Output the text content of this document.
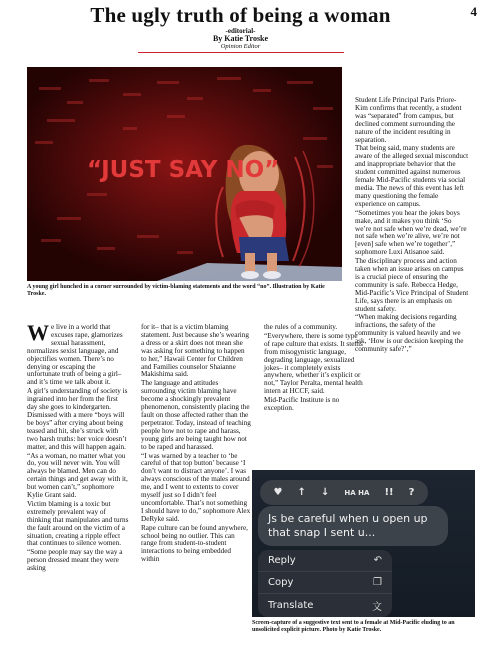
4
The ugly truth of being a woman
-editorial-
By Katie Troske
Opinion Editor
“JUST SAY NO”
A young girl hunched in a corner surrounded by victim-blaming statements and the word “no”. Illustration by Katie Troske.

We live in a world that excuses rape, glamorizes sexual harassment, normalizes sexist language, and objectifies women. There’s no denying or escaping the unfortunate truth of being a girl– and it’s time we talk about it.

A girl’s understanding of society is ingrained into her from the first day she goes to kindergarten. Dismissed with a mere “boys will be boys” after crying about being teased and hit, she’s struck with two harsh truths: her voice doesn’t matter, and this will happen again.

“As a woman, no matter what you do, you will never win. You will always be blamed. Men can do certain things and get away with it, but women can’t,” sophomore Kylie Grant said.

Victim blaming is a toxic but extremely prevalent way of thinking that manipulates and turns the fault around on the victim of a situation, creating a ripple effect that continues to silence women.

“Some people may say the way a person dressed meant they were asking

for it– that is a victim blaming statement. Just because she’s wearing a dress or a skirt does not mean she was asking for something to happen to her,” Hawaii Center for Children and Families counselor Shaianne Makishima said.

The language and attitudes surrounding victim blaming have become a shockingly prevalent phenomenon, consistently placing the fault on those affected rather than the perpetrator. Today, instead of teaching people how not to rape and harass, young girls are being taught how not to be raped and harassed.

“I was warned by a teacher to ‘be careful of that top button’ because ‘I don’t want to distract anyone’. I was always conscious of the males around me, and I went to extents to cover myself just so I didn’t feel uncomfortable. That’s not something I should have to do,” sophomore Alex DeRyke said.

Rape culture can be found anywhere, school being no outlier. This can range from student-to-student interactions to being embedded within

the rules of a community.

“Everywhere, there is some type of rape culture that exists. It stems from misogynistic language, degrading language, sexualized jokes– it completely exists anywhere, whether it’s explicit or not,” Taylor Peralta, mental health intern at HCCF, said.

Mid-Pacific Institute is no exception.

Student Life Principal Paris Priore-Kim confirms that recently, a student was “separated” from campus, but declined comment surrounding the nature of the incident resulting in separation.

That being said, many students are aware of the alleged sexual misconduct and inappropriate behavior that the student committed against numerous female Mid-Pacific students via social media. The news of this event has left many questioning the female experience on campus.

“Sometimes you hear the jokes boys make, and it makes you think ‘So we’re not safe when we’re dead, we’re not safe when we’re alive, we’re not [even] safe when we’re together’,” sophomore Luxi Atisanoe said.

The disciplinary process and action taken when an issue arises on campus is a crucial piece of ensuring the community is safe. Rebecca Hedge, Mid-Pacific’s Vice Principal of Student Life, says there is an emphasis on student safety.

“When making decisions regarding infractions, the safety of the community is valued heavily and we ask, ‘How is our decision keeping the community safe?’,”

♥ ↑ ↓ HA HA !! ?
Js be careful when u open up that snap I sent u...
Reply	↶
Copy	❐
Translate	文
Screen-capture of a suggestive text sent to a female at Mid-Pacific eluding to an unsolicited explicit picture. Photo by Katie Troske.
